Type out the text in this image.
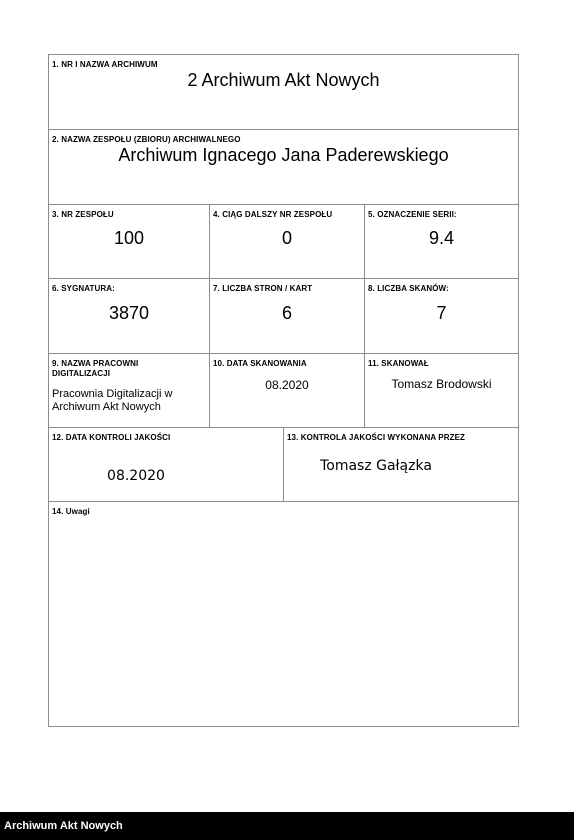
1. NR I NAZWA ARCHIWUM
2 Archiwum Akt Nowych
2. NAZWA ZESPOŁU (ZBIORU) ARCHIWALNEGO
Archiwum Ignacego Jana Paderewskiego
3. NR ZESPOŁU
100
4. CIĄG DALSZY NR ZESPOŁU
0
5. OZNACZENIE SERII:
9.4
6. SYGNATURA:
3870
7. LICZBA STRON / KART
6
8. LICZBA SKANÓW:
7
9. NAZWA PRACOWNI DIGITALIZACJI
Pracownia Digitalizacji w Archiwum Akt Nowych
10. DATA SKANOWANIA
08.2020
11. SKANOWAŁ
Tomasz Brodowski
12. DATA KONTROLI JAKOŚCI
08.2020
13. KONTROLA JAKOŚCI WYKONANA PRZEZ
Tomasz Gałązka
14. Uwagi
Archiwum Akt Nowych
